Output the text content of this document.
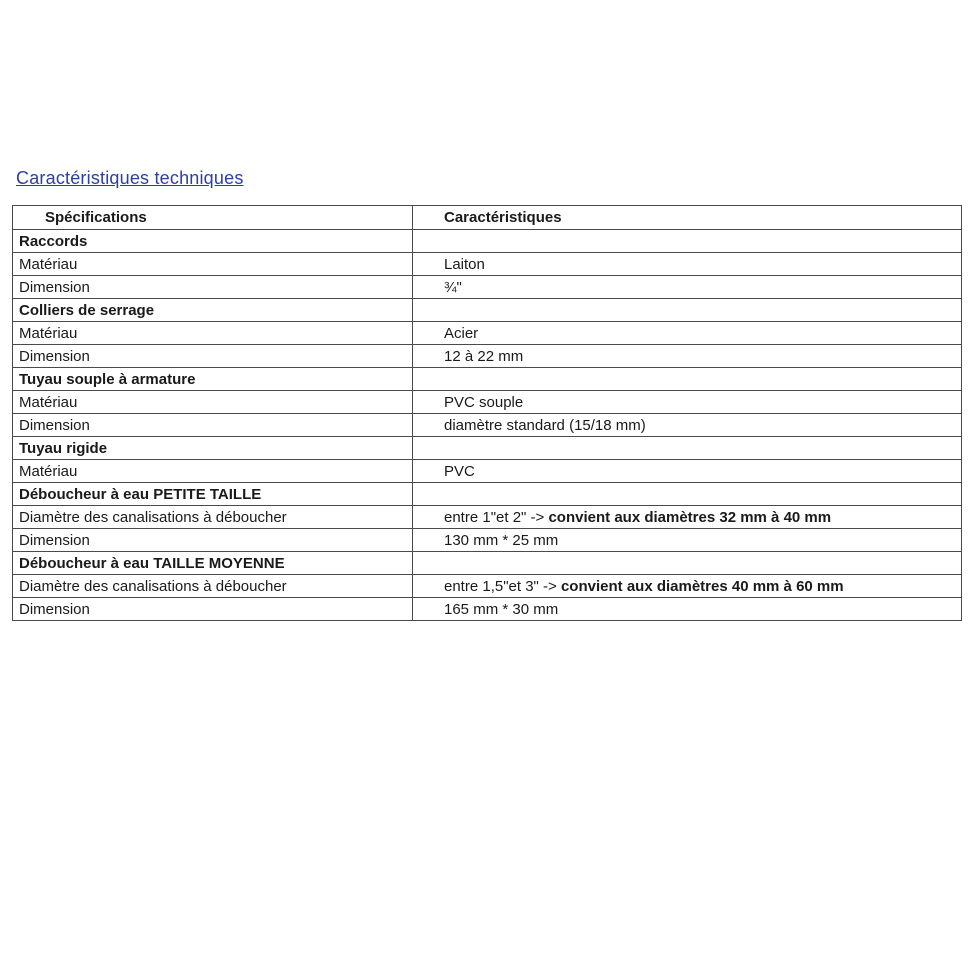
Caractéristiques techniques
Spécifications	Caractéristiques
Raccords	
Matériau	Laiton
Dimension	¾"
Colliers de serrage	
Matériau	Acier
Dimension	12 à 22 mm
Tuyau souple à armature	
Matériau	PVC souple
Dimension	diamètre standard (15/18 mm)
Tuyau rigide	
Matériau	PVC
Déboucheur à eau PETITE TAILLE	
Diamètre des canalisations à déboucher	entre 1"et 2" -> convient aux diamètres 32 mm à 40 mm
Dimension	130 mm * 25 mm
Déboucheur à eau TAILLE MOYENNE	
Diamètre des canalisations à déboucher	entre 1,5"et 3" -> convient aux diamètres 40 mm à 60 mm
Dimension	165 mm * 30 mm
